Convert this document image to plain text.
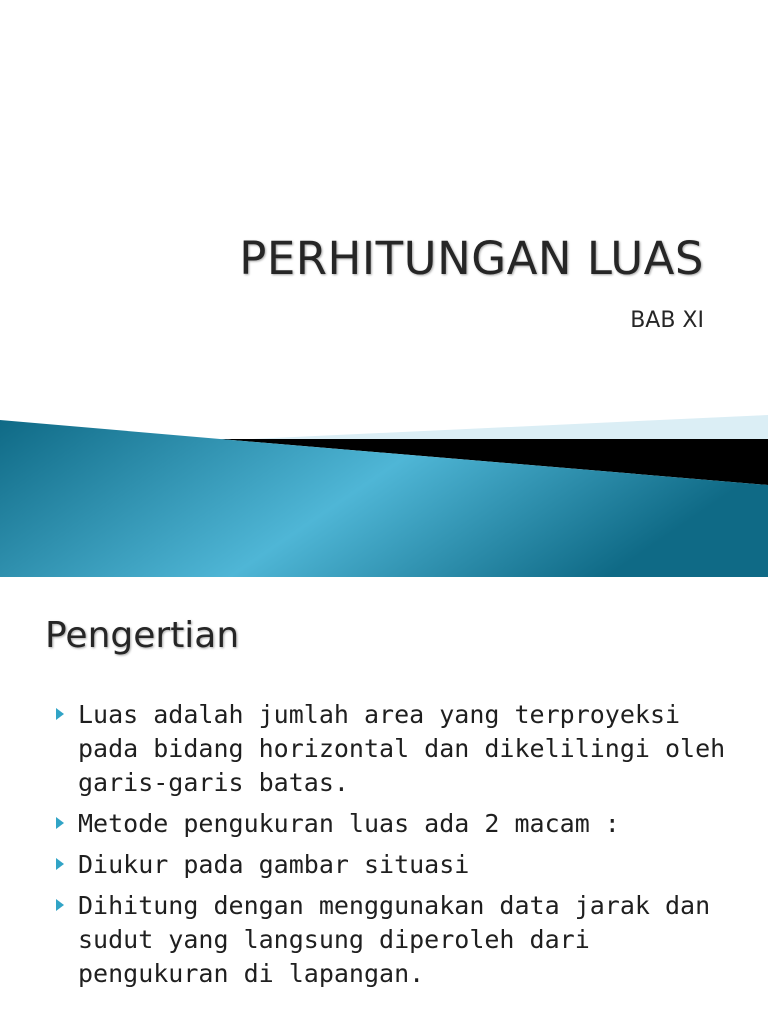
PERHITUNGAN LUAS
BAB XI
Pengertian
Luas adalah jumlah area yang terproyeksi pada bidang horizontal dan dikelilingi oleh garis-garis batas.
Metode pengukuran luas ada 2 macam :
Diukur pada gambar situasi
Dihitung dengan menggunakan data jarak dan sudut yang langsung diperoleh dari pengukuran di lapangan.
